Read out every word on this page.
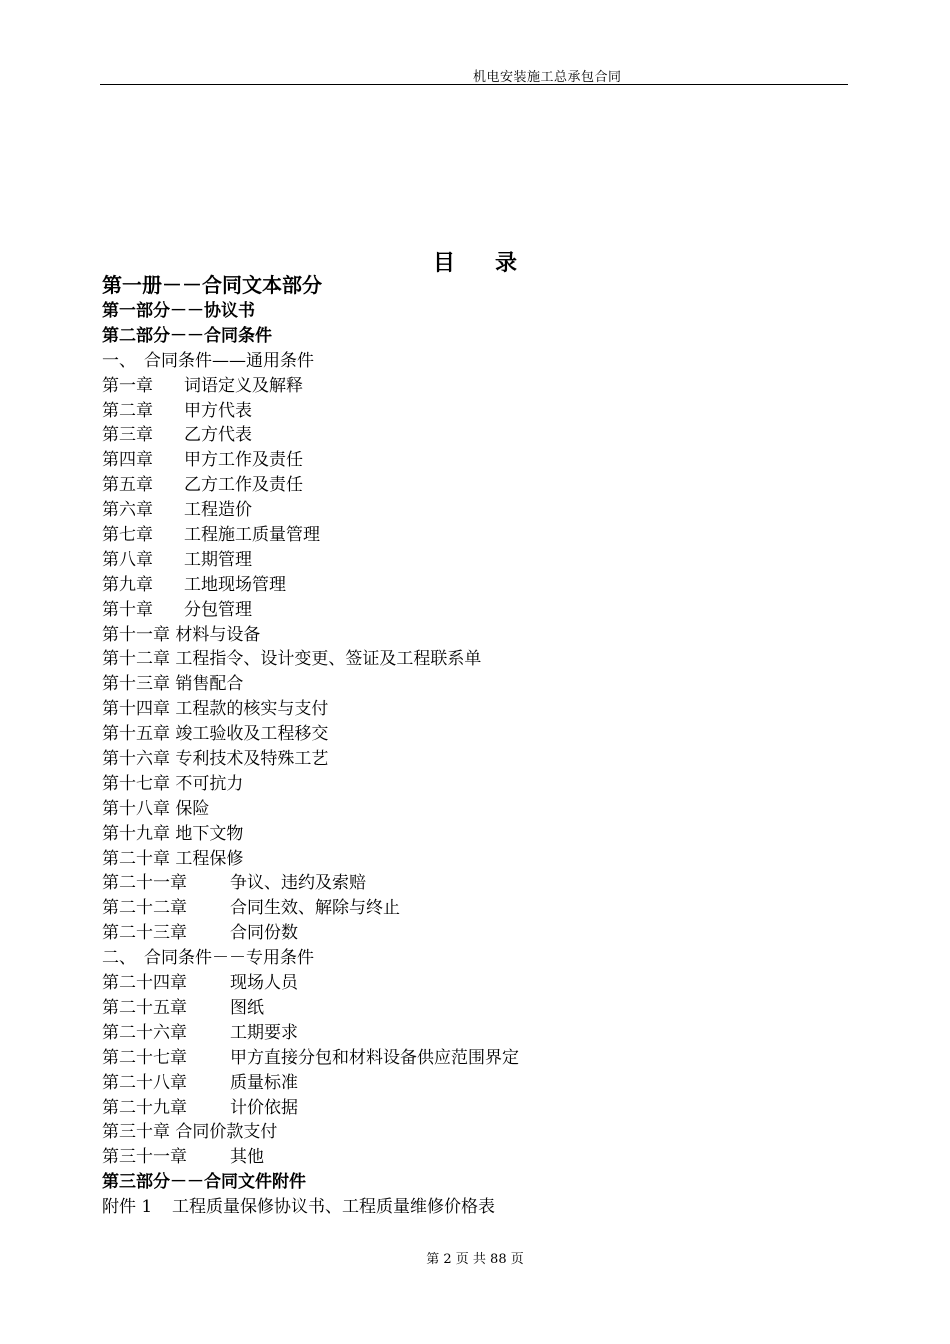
机电安装施工总承包合同
目录
第一册－－合同文本部分
第一部分－－协议书
第二部分－－合同条件
一、 合同条件——通用条件
第一章 词语定义及解释
第二章 甲方代表
第三章 乙方代表
第四章 甲方工作及责任
第五章 乙方工作及责任
第六章 工程造价
第七章 工程施工质量管理
第八章 工期管理
第九章 工地现场管理
第十章 分包管理
第十一章 材料与设备
第十二章 工程指令、设计变更、签证及工程联系单
第十三章 销售配合
第十四章 工程款的核实与支付
第十五章 竣工验收及工程移交
第十六章 专利技术及特殊工艺
第十七章 不可抗力
第十八章 保险
第十九章 地下文物
第二十章 工程保修
第二十一章	争议、违约及索赔
第二十二章	合同生效、解除与终止
第二十三章	合同份数
二、 合同条件－－专用条件
第二十四章	现场人员
第二十五章	图纸
第二十六章	工期要求
第二十七章	甲方直接分包和材料设备供应范围界定
第二十八章	质量标准
第二十九章	计价依据
第三十章 合同价款支付
第三十一章	其他
第三部分－－合同文件附件
附件 1 工程质量保修协议书、工程质量维修价格表
第 2 页 共 88 页
